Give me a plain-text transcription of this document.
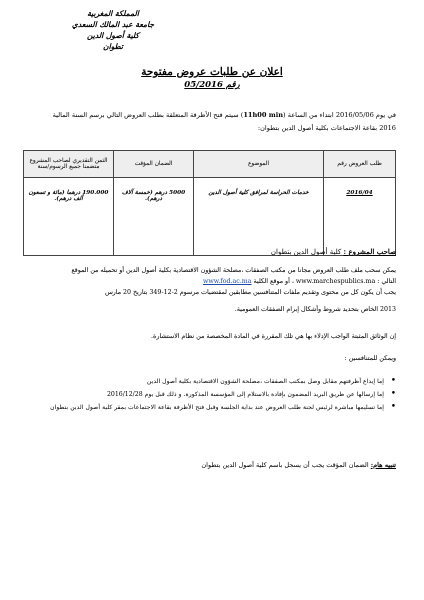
المملكة المغربية
جامعة عبد المالك السعدي
كلية أصول الدين
تطوان
اعلان عن طلبات عروض مفتوحة
رقم 05/2016
في يوم 2016/05/06 ابتداء من الساعة (11h00 min) سيتم فتح الأظرفة المتعلقة بطلب العروض التالي برسم السنة المالية
2016 بقاعة الاجتماعات بكلية أصول الدين بتطوان:
طلب العروض رقم	الموضوع	الضمان المؤقت	الثمن التقديري لصاحب المشروع متضمنا جميع الرسوم/سنة
2016/04	خدمات الحراسة لمرافق كلية أصول الدين	5000 درهم (خمسة آلاف درهم).	190.000 درهما (مائة و تسعون ألف درهم).
صاحب المشروع : كلية أصول الدين بتطوان
يمكن سحب ملف طلب العروض مجانا من مكتب الصفقات ،مصلحة الشؤون الاقتصادية بكلية أصول الدين أو تحميله من الموقع
التالي : www.marchespublics.ma ، أو موقع الكلية www.fod.ac.ma
يجب أن يكون كل من محتوى وتقديم ملفات المتنافسين مطابقين لمقتضيات مرسوم 2-12-349 بتاريخ 20 مارس
2013 الخاص بتحديد شروط وأشكال إبرام الصفقات العمومية.
إن الوثائق المثبتة الواجب الإدلاء بها هي تلك المقررة في المادة المخصصة من نظام الاستشارة.
ويمكن للمتنافسين :
• إما إيداع أظرفتهم مقابل وصل بمكتب الصفقات ،مصلحة الشؤون الاقتصادية بكلية أصول الدين
• إما إرسالها عن طريق البريد المضمون بإفادة بالاستلام إلى المؤسسة المذكورة. و ذلك قبل يوم 2016/12/28
• إما تسليمها مباشرة لرئيس لجنة طلب العروض عند بداية الجلسة وقبل فتح الأظرفة بقاعة الاجتماعات بمقر كلية أصول الدين بتطوان
تنبيه هام: الضمان المؤقت يجب أن يسجل باسم كلية أصول الدين بتطوان
